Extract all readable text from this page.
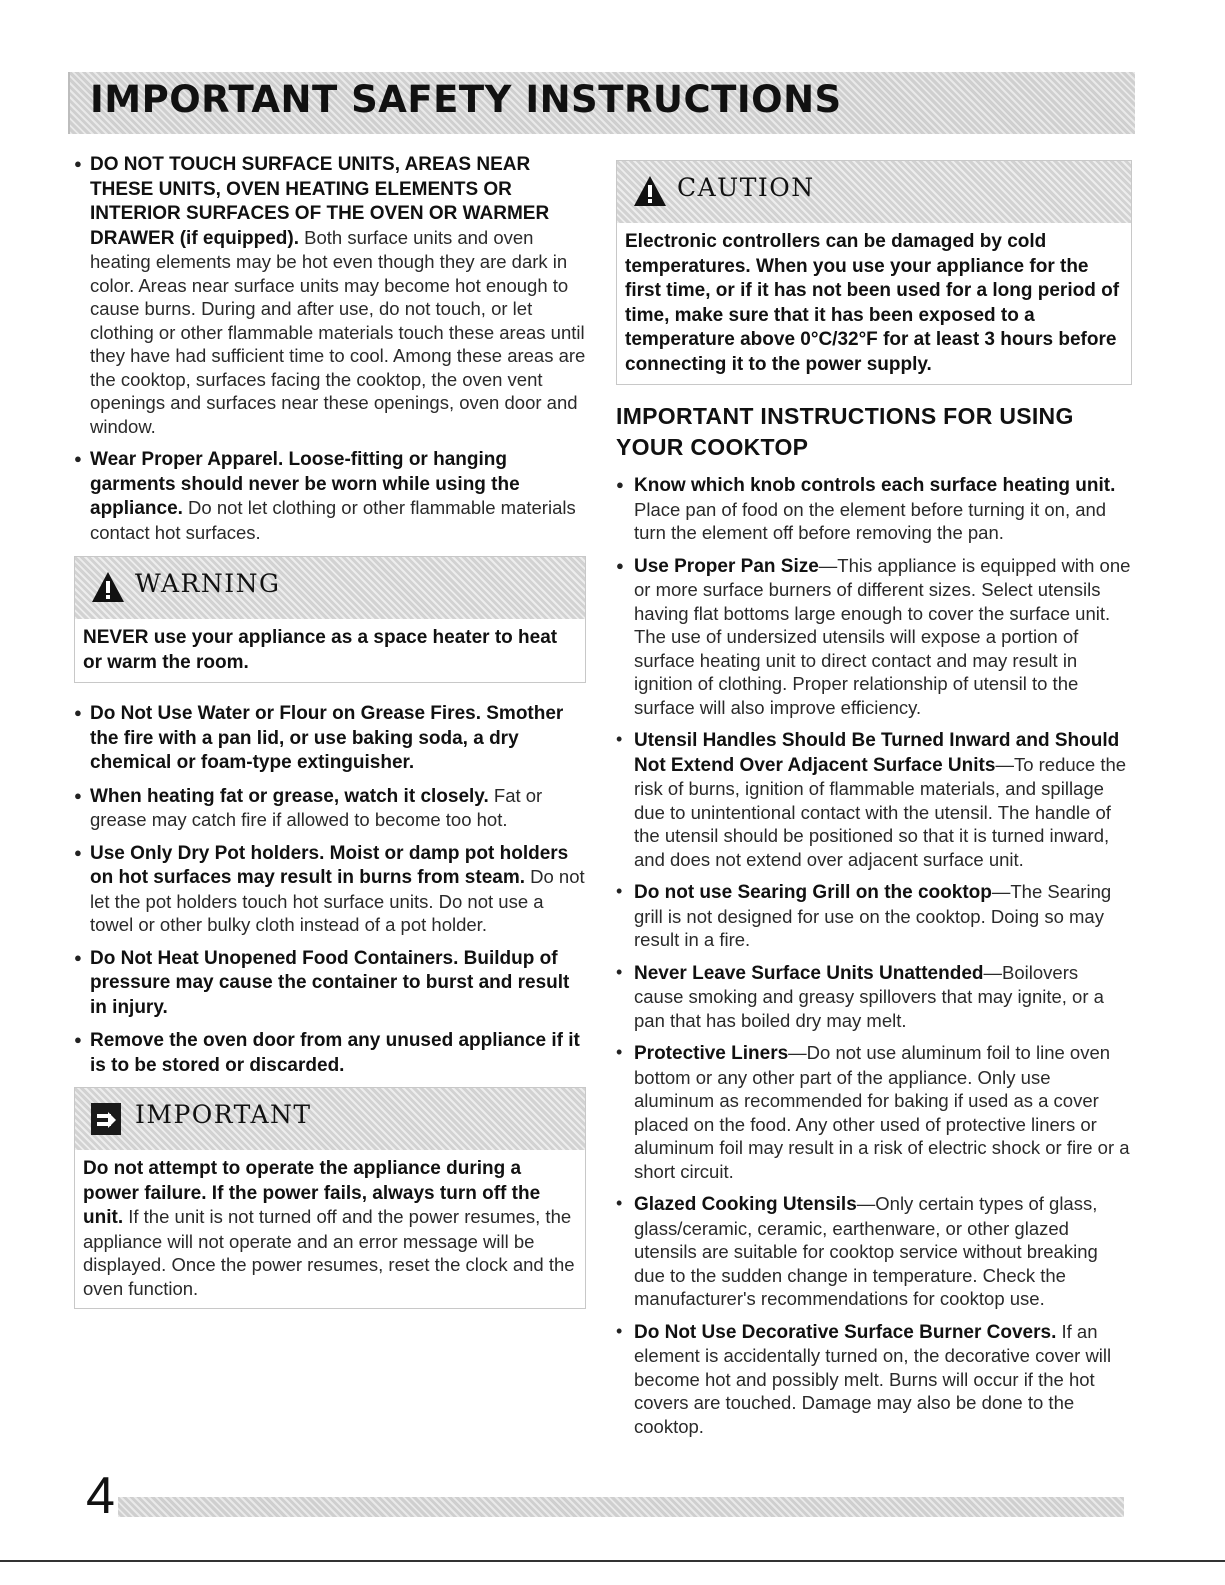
IMPORTANT SAFETY INSTRUCTIONS
● DO NOT TOUCH SURFACE UNITS, AREAS NEAR THESE UNITS, OVEN HEATING ELEMENTS OR INTERIOR SURFACES OF THE OVEN OR WARMER DRAWER (if equipped). Both surface units and oven heating elements may be hot even though they are dark in color. Areas near surface units may become hot enough to cause burns. During and after use, do not touch, or let clothing or other flammable materials touch these areas until they have had sufficient time to cool. Among these areas are the cooktop, surfaces facing the cooktop, the oven vent openings and surfaces near these openings, oven door and window.
● Wear Proper Apparel. Loose-fitting or hanging garments should never be worn while using the appliance. Do not let clothing or other flammable materials contact hot surfaces.
WARNING
NEVER use your appliance as a space heater to heat or warm the room.
● Do Not Use Water or Flour on Grease Fires. Smother the fire with a pan lid, or use baking soda, a dry chemical or foam-type extinguisher.
● When heating fat or grease, watch it closely. Fat or grease may catch fire if allowed to become too hot.
● Use Only Dry Pot holders. Moist or damp pot holders on hot surfaces may result in burns from steam. Do not let the pot holders touch hot surface units. Do not use a towel or other bulky cloth instead of a pot holder.
● Do Not Heat Unopened Food Containers. Buildup of pressure may cause the container to burst and result in injury.
● Remove the oven door from any unused appliance if it is to be stored or discarded.
IMPORTANT
Do not attempt to operate the appliance during a power failure. If the power fails, always turn off the unit. If the unit is not turned off and the power resumes, the appliance will not operate and an error message will be displayed. Once the power resumes, reset the clock and the oven function.
CAUTION
Electronic controllers can be damaged by cold temperatures. When you use your appliance for the first time, or if it has not been used for a long period of time, make sure that it has been exposed to a temperature above 0°C/32°F for at least 3 hours before connecting it to the power supply.
IMPORTANT INSTRUCTIONS FOR USING YOUR COOKTOP
● Know which knob controls each surface heating unit. Place pan of food on the element before turning it on, and turn the element off before removing the pan.
● Use Proper Pan Size—This appliance is equipped with one or more surface burners of different sizes. Select utensils having flat bottoms large enough to cover the surface unit. The use of undersized utensils will expose a portion of surface heating unit to direct contact and may result in ignition of clothing. Proper relationship of utensil to the surface will also improve efficiency.
• Utensil Handles Should Be Turned Inward and Should Not Extend Over Adjacent Surface Units—To reduce the risk of burns, ignition of flammable materials, and spillage due to unintentional contact with the utensil. The handle of the utensil should be positioned so that it is turned inward, and does not extend over adjacent surface unit.
• Do not use Searing Grill on the cooktop—The Searing grill is not designed for use on the cooktop. Doing so may result in a fire.
• Never Leave Surface Units Unattended—Boilovers cause smoking and greasy spillovers that may ignite, or a pan that has boiled dry may melt.
• Protective Liners—Do not use aluminum foil to line oven bottom or any other part of the appliance. Only use aluminum as recommended for baking if used as a cover placed on the food. Any other used of protective liners or aluminum foil may result in a risk of electric shock or fire or a short circuit.
• Glazed Cooking Utensils—Only certain types of glass, glass/ceramic, ceramic, earthenware, or other glazed utensils are suitable for cooktop service without breaking due to the sudden change in temperature. Check the manufacturer's recommendations for cooktop use.
• Do Not Use Decorative Surface Burner Covers. If an element is accidentally turned on, the decorative cover will become hot and possibly melt. Burns will occur if the hot covers are touched. Damage may also be done to the cooktop.
4
